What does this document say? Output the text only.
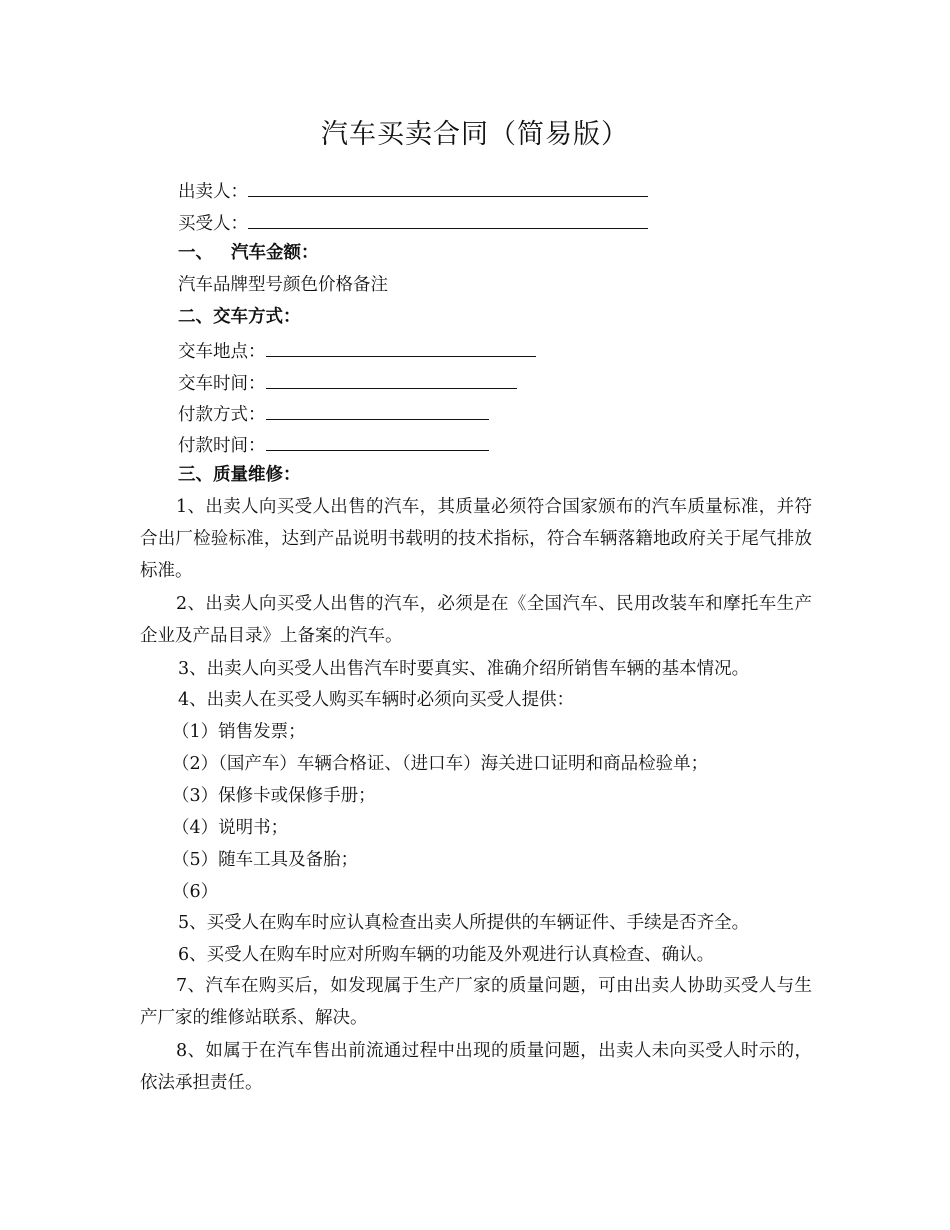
汽车买卖合同（简易版）
出卖人：
买受人：
一、 汽车金额：
汽车品牌型号颜色价格备注
二、交车方式：
交车地点：
交车时间：
付款方式：
付款时间：
三、质量维修：
1、出卖人向买受人出售的汽车，其质量必须符合国家颁布的汽车质量标准，并符合出厂检验标准，达到产品说明书载明的技术指标，符合车辆落籍地政府关于尾气排放标准。
2、出卖人向买受人出售的汽车，必须是在《全国汽车、民用改装车和摩托车生产企业及产品目录》上备案的汽车。
3、出卖人向买受人出售汽车时要真实、准确介绍所销售车辆的基本情况。
4、出卖人在买受人购买车辆时必须向买受人提供：
（1）销售发票；
（2）（国产车）车辆合格证、（进口车）海关进口证明和商品检验单；
（3）保修卡或保修手册；
（4）说明书；
（5）随车工具及备胎；
（6）
5、买受人在购车时应认真检查出卖人所提供的车辆证件、手续是否齐全。
6、买受人在购车时应对所购车辆的功能及外观进行认真检查、确认。
7、汽车在购买后，如发现属于生产厂家的质量问题，可由出卖人协助买受人与生产厂家的维修站联系、解决。
8、如属于在汽车售出前流通过程中出现的质量问题，出卖人未向买受人时示的，依法承担责任。
